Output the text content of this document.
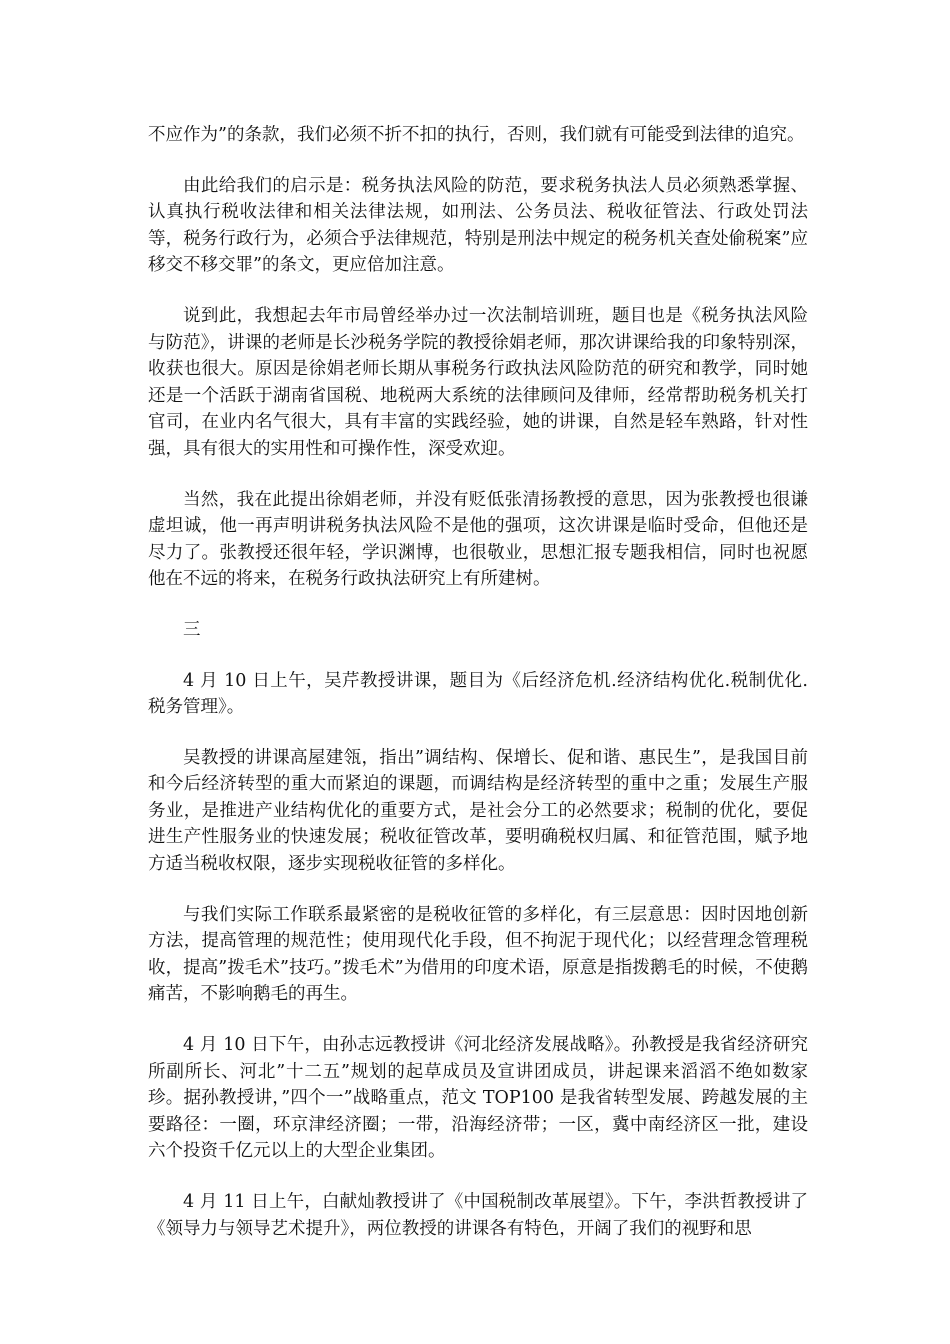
不应作为”的条款，我们必须不折不扣的执行，否则，我们就有可能受到法律的追究。

由此给我们的启示是：税务执法风险的防范，要求税务执法人员必须熟悉掌握、认真执行税收法律和相关法律法规，如刑法、公务员法、税收征管法、行政处罚法等，税务行政行为，必须合乎法律规范，特别是刑法中规定的税务机关查处偷税案”应移交不移交罪”的条文，更应倍加注意。

说到此，我想起去年市局曾经举办过一次法制培训班，题目也是《税务执法风险与防范》，讲课的老师是长沙税务学院的教授徐娟老师，那次讲课给我的印象特别深，收获也很大。原因是徐娟老师长期从事税务行政执法风险防范的研究和教学，同时她还是一个活跃于湖南省国税、地税两大系统的法律顾问及律师，经常帮助税务机关打官司，在业内名气很大，具有丰富的实践经验，她的讲课，自然是轻车熟路，针对性强，具有很大的实用性和可操作性，深受欢迎。

当然，我在此提出徐娟老师，并没有贬低张清扬教授的意思，因为张教授也很谦虚坦诚，他一再声明讲税务执法风险不是他的强项，这次讲课是临时受命，但他还是尽力了。张教授还很年轻，学识渊博，也很敬业，思想汇报专题我相信，同时也祝愿他在不远的将来，在税务行政执法研究上有所建树。

三

4 月 10 日上午，吴芹教授讲课，题目为《后经济危机.经济结构优化.税制优化.税务管理》。

吴教授的讲课高屋建瓴，指出”调结构、保增长、促和谐、惠民生”，是我国目前和今后经济转型的重大而紧迫的课题，而调结构是经济转型的重中之重；发展生产服务业，是推进产业结构优化的重要方式，是社会分工的必然要求；税制的优化，要促进生产性服务业的快速发展；税收征管改革，要明确税权归属、和征管范围，赋予地方适当税收权限，逐步实现税收征管的多样化。

与我们实际工作联系最紧密的是税收征管的多样化，有三层意思：因时因地创新方法，提高管理的规范性；使用现代化手段，但不拘泥于现代化；以经营理念管理税收，提高”拨毛术”技巧。”拨毛术”为借用的印度术语，原意是指拨鹅毛的时候，不使鹅痛苦，不影响鹅毛的再生。

4 月 10 日下午，由孙志远教授讲《河北经济发展战略》。孙教授是我省经济研究所副所长、河北”十二五”规划的起草成员及宣讲团成员，讲起课来滔滔不绝如数家珍。据孙教授讲，”四个一”战略重点，范文 TOP100 是我省转型发展、跨越发展的主要路径：一圈，环京津经济圈；一带，沿海经济带；一区，冀中南经济区一批，建设六个投资千亿元以上的大型企业集团。

4 月 11 日上午，白献灿教授讲了《中国税制改革展望》。下午，李洪哲教授讲了《领导力与领导艺术提升》，两位教授的讲课各有特色，开阔了我们的视野和思
